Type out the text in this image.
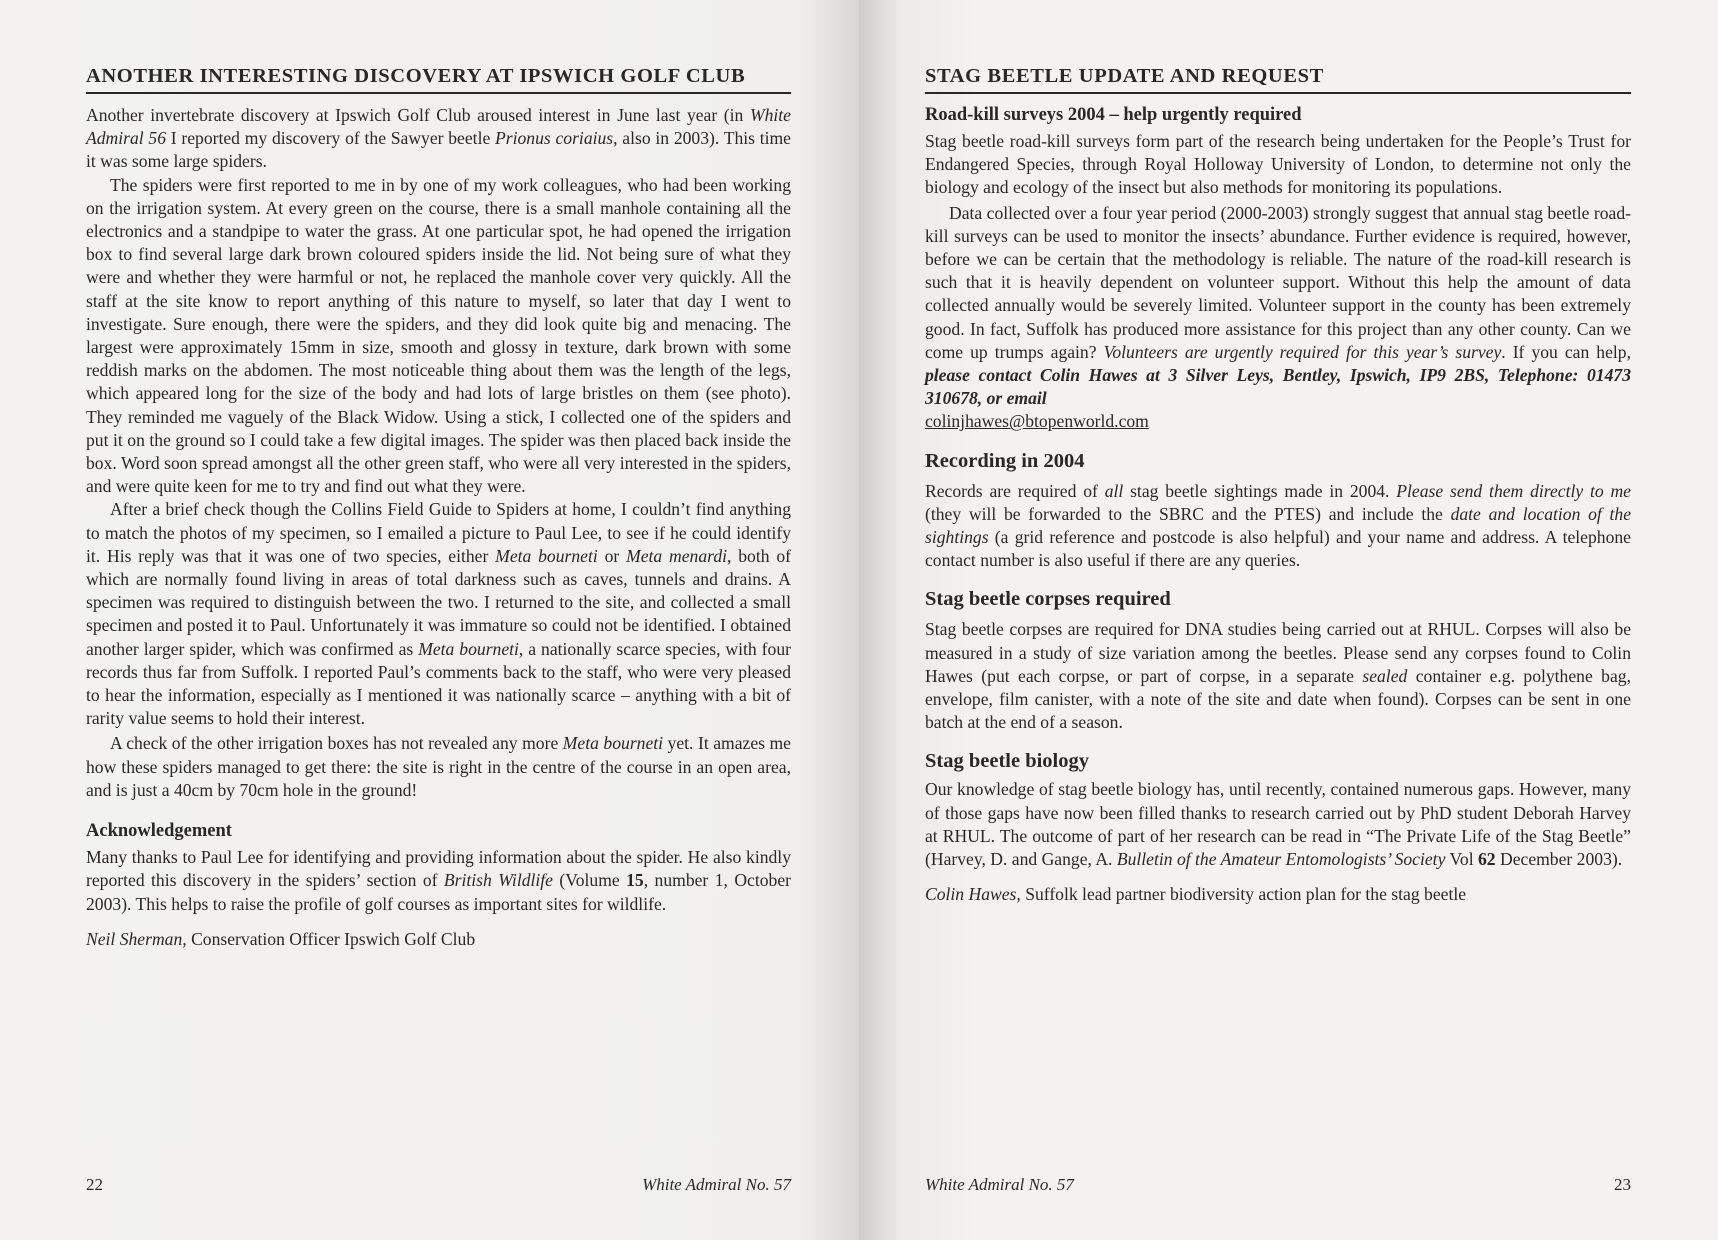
ANOTHER INTERESTING DISCOVERY AT IPSWICH GOLF CLUB

Another invertebrate discovery at Ipswich Golf Club aroused interest in June last year (in White Admiral 56 I reported my discovery of the Sawyer beetle Prionus coriaius, also in 2003). This time it was some large spiders.

The spiders were first reported to me in by one of my work colleagues, who had been working on the irrigation system. At every green on the course, there is a small manhole containing all the electronics and a standpipe to water the grass. At one particular spot, he had opened the irrigation box to find several large dark brown coloured spiders inside the lid. Not being sure of what they were and whether they were harmful or not, he replaced the manhole cover very quickly. All the staff at the site know to report anything of this nature to myself, so later that day I went to investigate. Sure enough, there were the spiders, and they did look quite big and menacing. The largest were approximately 15mm in size, smooth and glossy in texture, dark brown with some reddish marks on the abdomen. The most noticeable thing about them was the length of the legs, which appeared long for the size of the body and had lots of large bristles on them (see photo). They reminded me vaguely of the Black Widow. Using a stick, I collected one of the spiders and put it on the ground so I could take a few digital images. The spider was then placed back inside the box. Word soon spread amongst all the other green staff, who were all very interested in the spiders, and were quite keen for me to try and find out what they were.

After a brief check though the Collins Field Guide to Spiders at home, I couldn’t find anything to match the photos of my specimen, so I emailed a picture to Paul Lee, to see if he could identify it. His reply was that it was one of two species, either Meta bourneti or Meta menardi, both of which are normally found living in areas of total darkness such as caves, tunnels and drains. A specimen was required to distinguish between the two. I returned to the site, and collected a small specimen and posted it to Paul. Unfortunately it was immature so could not be identified. I obtained another larger spider, which was confirmed as Meta bourneti, a nationally scarce species, with four records thus far from Suffolk. I reported Paul’s comments back to the staff, who were very pleased to hear the information, especially as I mentioned it was nationally scarce – anything with a bit of rarity value seems to hold their interest.

A check of the other irrigation boxes has not revealed any more Meta bourneti yet. It amazes me how these spiders managed to get there: the site is right in the centre of the course in an open area, and is just a 40cm by 70cm hole in the ground!

Acknowledgement

Many thanks to Paul Lee for identifying and providing information about the spider. He also kindly reported this discovery in the spiders’ section of British Wildlife (Volume 15, number 1, October 2003). This helps to raise the profile of golf courses as important sites for wildlife.

Neil Sherman, Conservation Officer Ipswich Golf Club
22	White Admiral No. 57
STAG BEETLE UPDATE AND REQUEST
Road-kill surveys 2004 – help urgently required

Stag beetle road-kill surveys form part of the research being undertaken for the People’s Trust for Endangered Species, through Royal Holloway University of London, to determine not only the biology and ecology of the insect but also methods for monitoring its populations.

Data collected over a four year period (2000-2003) strongly suggest that annual stag beetle road-kill surveys can be used to monitor the insects’ abundance. Further evidence is required, however, before we can be certain that the methodology is reliable. The nature of the road-kill research is such that it is heavily dependent on volunteer support. Without this help the amount of data collected annually would be severely limited. Volunteer support in the county has been extremely good. In fact, Suffolk has produced more assistance for this project than any other county. Can we come up trumps again? Volunteers are urgently required for this year’s survey. If you can help, please contact Colin Hawes at 3 Silver Leys, Bentley, Ipswich, IP9 2BS, Telephone: 01473 310678, or email
colinjhawes@btopenworld.com

Recording in 2004

Records are required of all stag beetle sightings made in 2004. Please send them directly to me (they will be forwarded to the SBRC and the PTES) and include the date and location of the sightings (a grid reference and postcode is also helpful) and your name and address. A telephone contact number is also useful if there are any queries.

Stag beetle corpses required

Stag beetle corpses are required for DNA studies being carried out at RHUL. Corpses will also be measured in a study of size variation among the beetles. Please send any corpses found to Colin Hawes (put each corpse, or part of corpse, in a separate sealed container e.g. polythene bag, envelope, film canister, with a note of the site and date when found). Corpses can be sent in one batch at the end of a season.

Stag beetle biology

Our knowledge of stag beetle biology has, until recently, contained numerous gaps. However, many of those gaps have now been filled thanks to research carried out by PhD student Deborah Harvey at RHUL. The outcome of part of her research can be read in “The Private Life of the Stag Beetle” (Harvey, D. and Gange, A. Bulletin of the Amateur Entomologists’ Society Vol 62 December 2003).

Colin Hawes, Suffolk lead partner biodiversity action plan for the stag beetle
White Admiral No. 57	23
